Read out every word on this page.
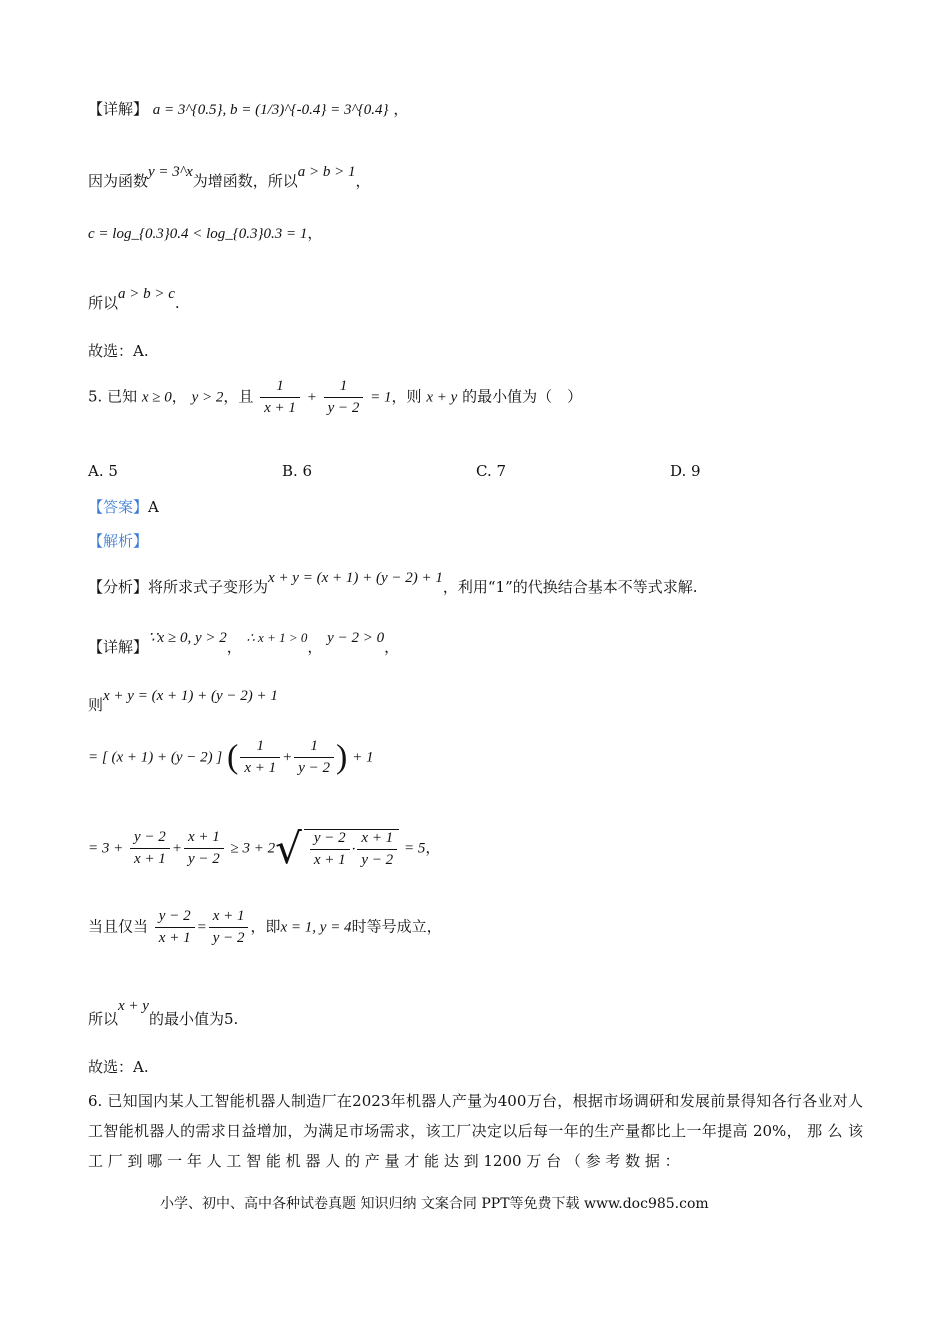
【详解】 a = 3^{0.5}, b = (1/3)^{-0.4} = 3^{0.4} ，
因为函数y = 3^x为增函数，所以a > b > 1，
c = log_{0.3}0.4 < log_{0.3}0.3 = 1，
所以a > b > c.
故选：A.
5. 已知 x ≥ 0， y > 2，且 $\frac{1}{x + 1} + \frac{1}{y - 2} = 1$，则 x + y 的最小值为（　）
A. 5	B. 6	C. 7	D. 9
【答案】A
【解析】
【分析】将所求式子变形为x + y = (x + 1) + (y − 2) + 1，利用“1”的代换结合基本不等式求解.
【详解】∵x ≥ 0, y > 2， ∴ x + 1 > 0， y − 2 > 0，
则x + y = (x + 1) + (y − 2) + 1
= [ (x + 1) + (y − 2) ] ( $\frac{1}{x + 1} + \frac{1}{y - 2}$ ) + 1
= $3 + \frac{y - 2}{x + 1} + \frac{x + 1}{y - 2} \ge 3 + 2√ \frac{y - 2}{x + 1} \cdot \frac{x + 1}{y - 2} = 5$，
当且仅当 $\frac{y - 2}{x + 1} = \frac{x + 1}{y - 2}$ ，即x = 1, y = 4时等号成立，
所以x + y的最小值为5.
故选：A.
6. 已知国内某人工智能机器人制造厂在2023年机器人产量为400万台，根据市场调研和发展前景得知各行各业对人工智能机器人的需求日益增加，为满足市场需求，该工厂决定以后每一年的生产量都比上一年提高 20%， 那 么 该 工 厂 到 哪 一 年 人 工 智 能 机 器 人 的 产 量 才 能 达 到 1200 万 台 （ 参 考 数 据 ：
小学、初中、高中各种试卷真题 知识归纳 文案合同 PPT等免费下载 www.doc985.com
